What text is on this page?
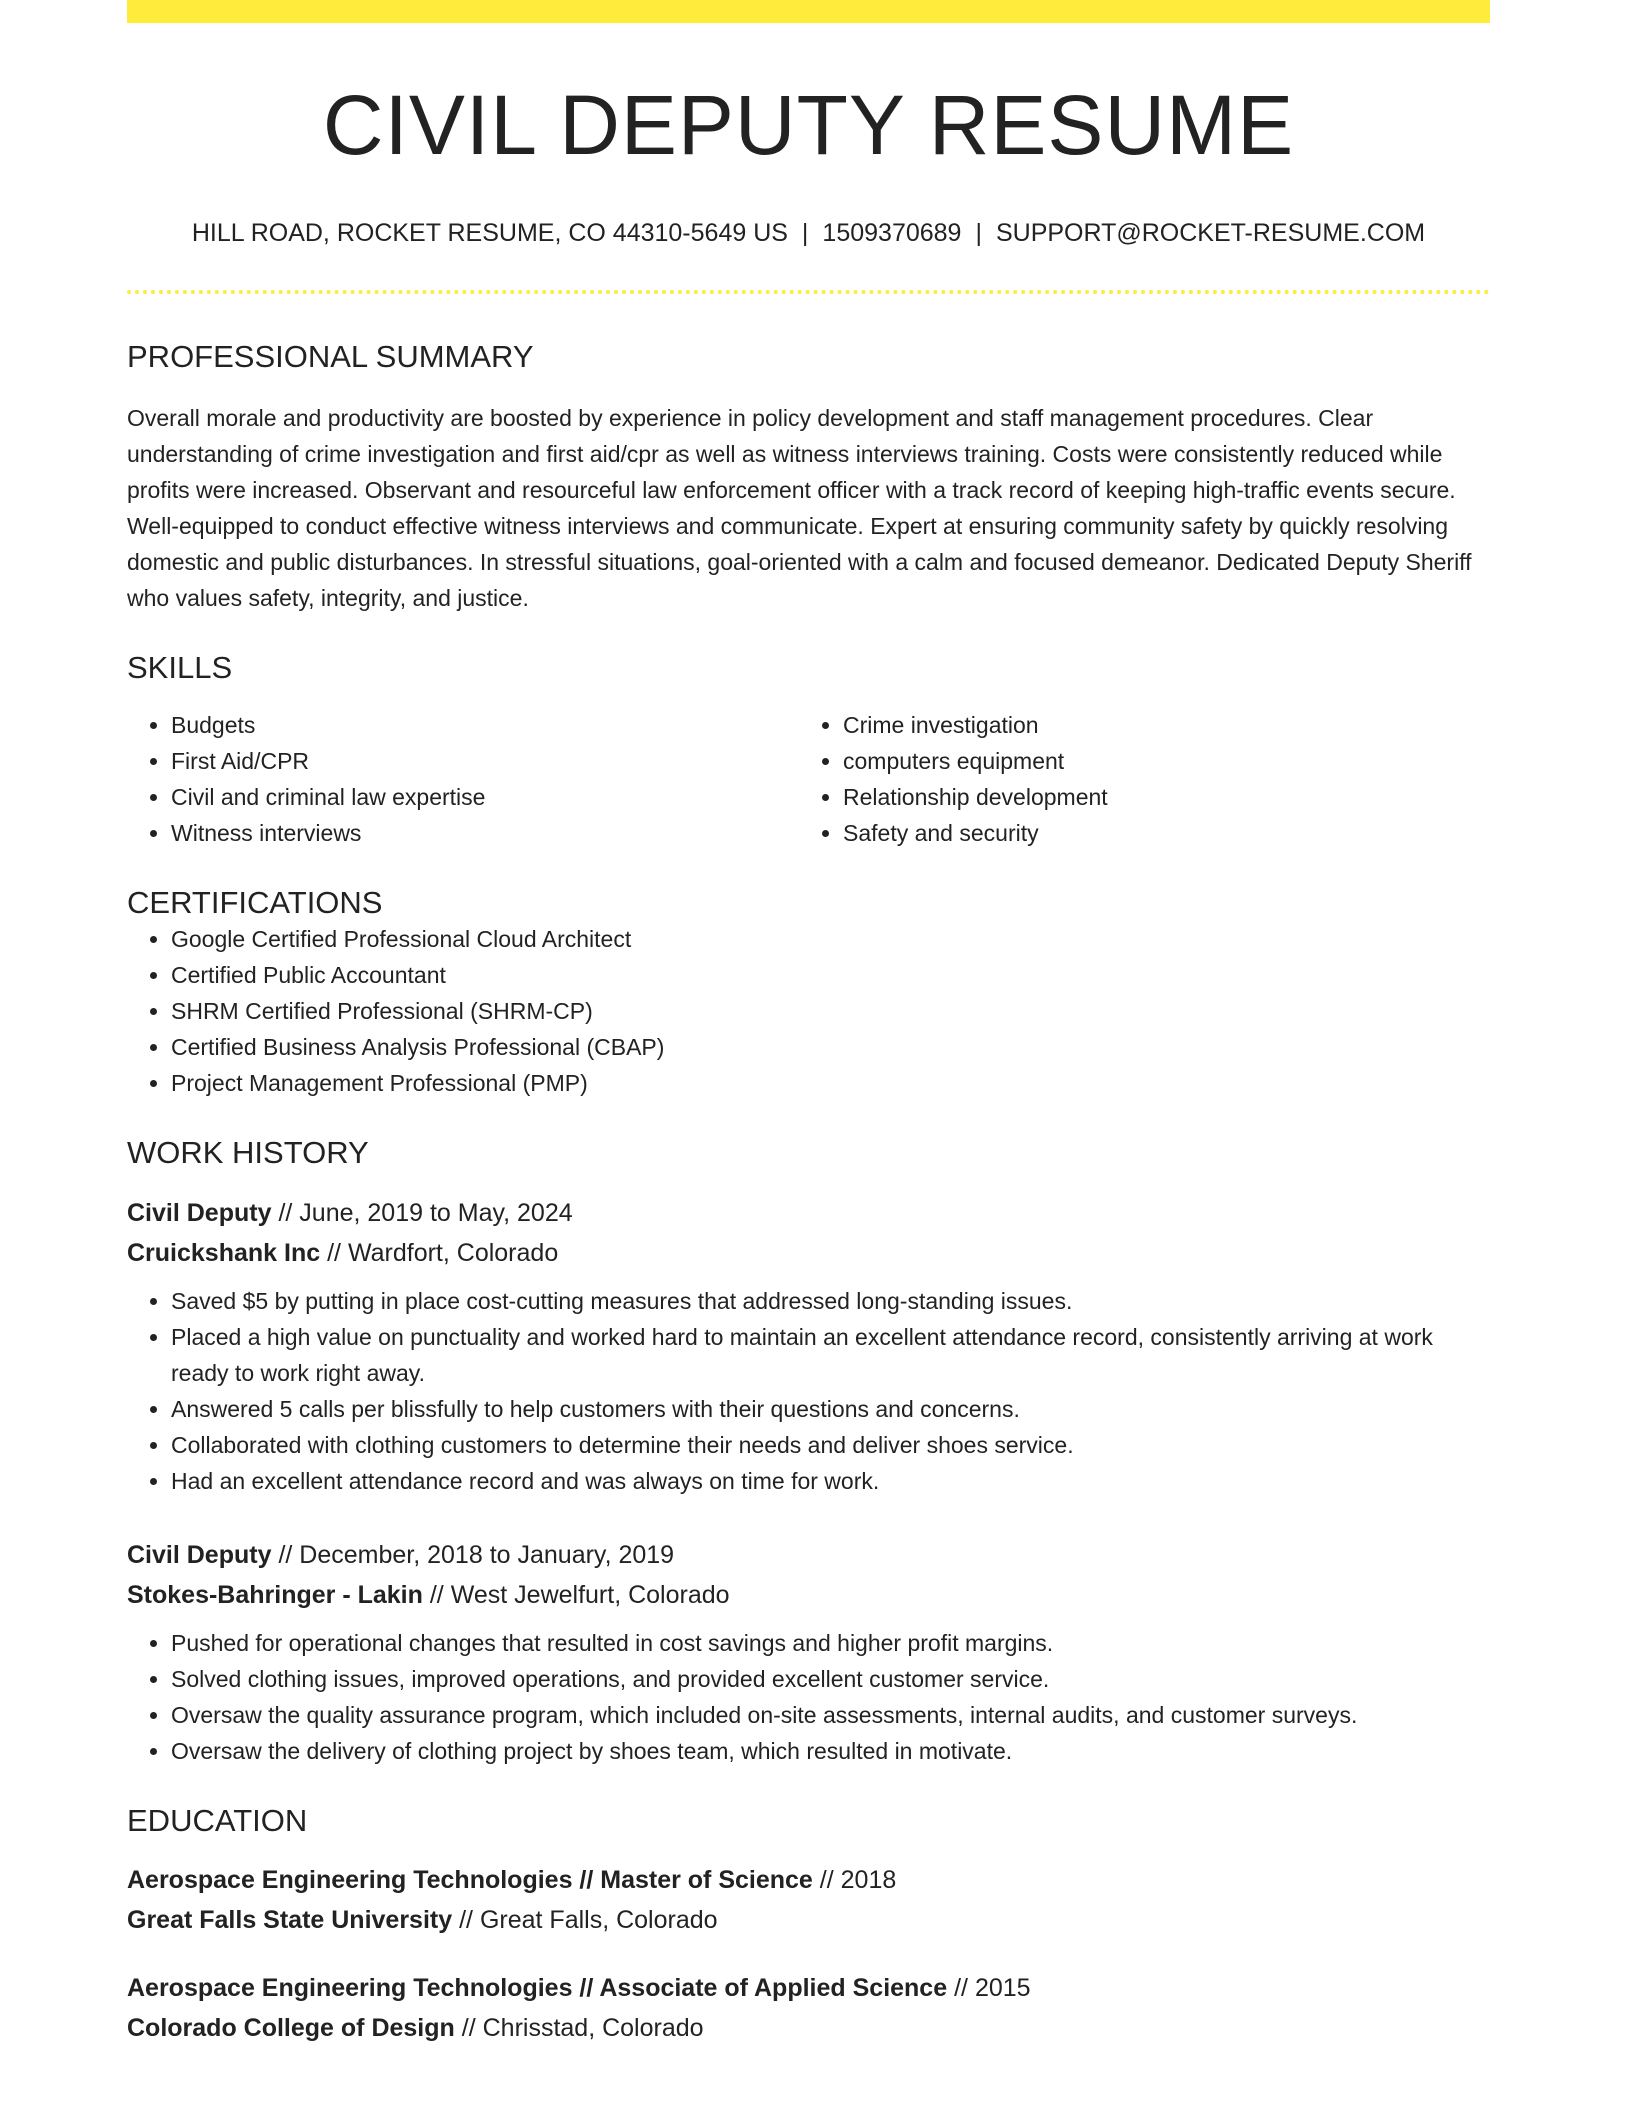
CIVIL DEPUTY RESUME
HILL ROAD, ROCKET RESUME, CO 44310-5649 US | 1509370689 | SUPPORT@ROCKET-RESUME.COM
PROFESSIONAL SUMMARY

Overall morale and productivity are boosted by experience in policy development and staff management procedures. Clear understanding of crime investigation and first aid/cpr as well as witness interviews training. Costs were consistently reduced while profits were increased. Observant and resourceful law enforcement officer with a track record of keeping high-traffic events secure. Well-equipped to conduct effective witness interviews and communicate. Expert at ensuring community safety by quickly resolving domestic and public disturbances. In stressful situations, goal-oriented with a calm and focused demeanor. Dedicated Deputy Sheriff who values safety, integrity, and justice.

SKILLS
• Budgets
• First Aid/CPR
• Civil and criminal law expertise
• Witness interviews
• Crime investigation
• computers equipment
• Relationship development
• Safety and security
CERTIFICATIONS
• Google Certified Professional Cloud Architect
• Certified Public Accountant
• SHRM Certified Professional (SHRM-CP)
• Certified Business Analysis Professional (CBAP)
• Project Management Professional (PMP)
WORK HISTORY
Civil Deputy // June, 2019 to May, 2024
Cruickshank Inc // Wardfort, Colorado
• Saved $5 by putting in place cost-cutting measures that addressed long-standing issues.
• Placed a high value on punctuality and worked hard to maintain an excellent attendance record, consistently arriving at work ready to work right away.
• Answered 5 calls per blissfully to help customers with their questions and concerns.
• Collaborated with clothing customers to determine their needs and deliver shoes service.
• Had an excellent attendance record and was always on time for work.
Civil Deputy // December, 2018 to January, 2019
Stokes-Bahringer - Lakin // West Jewelfurt, Colorado
• Pushed for operational changes that resulted in cost savings and higher profit margins.
• Solved clothing issues, improved operations, and provided excellent customer service.
• Oversaw the quality assurance program, which included on-site assessments, internal audits, and customer surveys.
• Oversaw the delivery of clothing project by shoes team, which resulted in motivate.
EDUCATION
Aerospace Engineering Technologies // Master of Science // 2018
Great Falls State University // Great Falls, Colorado
Aerospace Engineering Technologies // Associate of Applied Science // 2015
Colorado College of Design // Chrisstad, Colorado
